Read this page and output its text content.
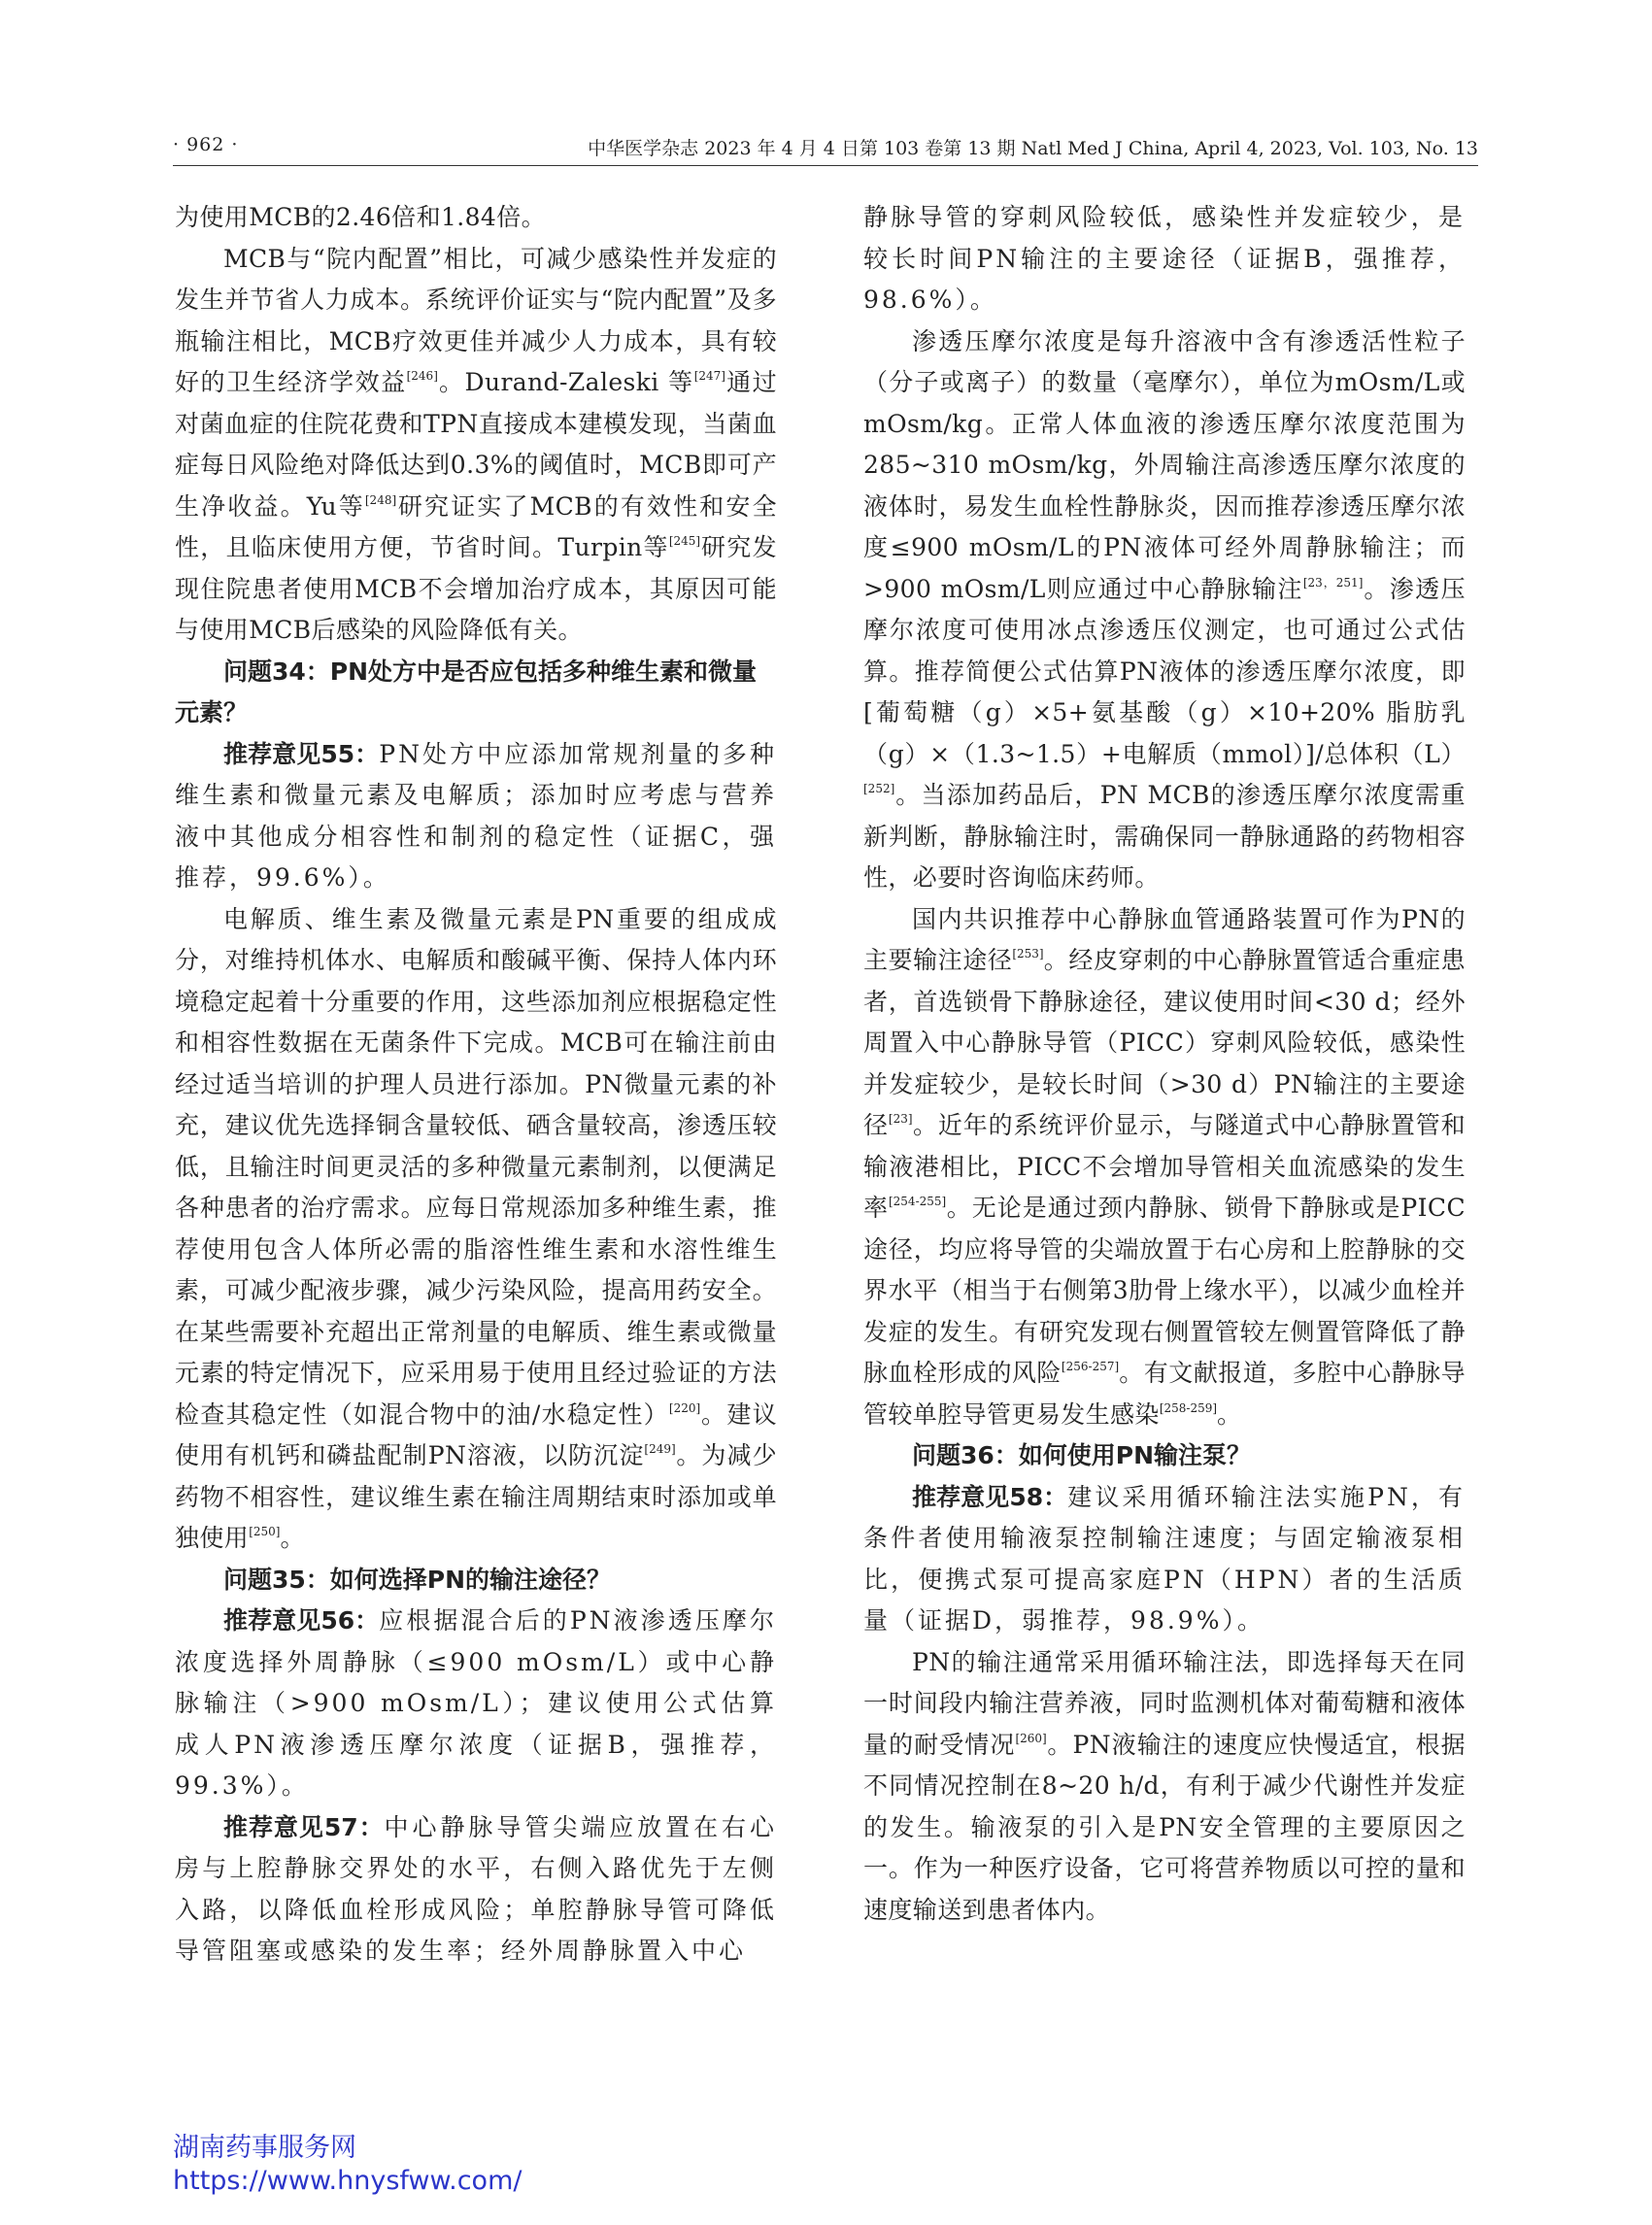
· 962 ·	中华医学杂志 2023 年 4 月 4 日第 103 卷第 13 期 Natl Med J China, April 4, 2023, Vol. 103, No. 13

为使用MCB的2.46倍和1.84倍。

MCB与“院内配置”相比，可减少感染性并发症的发生并节省人力成本。系统评价证实与“院内配置”及多瓶输注相比，MCB疗效更佳并减少人力成本，具有较好的卫生经济学效益[246]。Durand-Zaleski 等[247]通过对菌血症的住院花费和TPN直接成本建模发现，当菌血症每日风险绝对降低达到0.3%的阈值时，MCB即可产生净收益。Yu等[248]研究证实了MCB的有效性和安全性，且临床使用方便，节省时间。Turpin等[245]研究发现住院患者使用MCB不会增加治疗成本，其原因可能与使用MCB后感染的风险降低有关。

问题34：PN处方中是否应包括多种维生素和微量元素？

推荐意见55：PN处方中应添加常规剂量的多种维生素和微量元素及电解质；添加时应考虑与营养液中其他成分相容性和制剂的稳定性（证据C，强推荐，99.6%）。

电解质、维生素及微量元素是PN重要的组成成分，对维持机体水、电解质和酸碱平衡、保持人体内环境稳定起着十分重要的作用，这些添加剂应根据稳定性和相容性数据在无菌条件下完成。MCB可在输注前由经过适当培训的护理人员进行添加。PN微量元素的补充，建议优先选择铜含量较低、硒含量较高，渗透压较低，且输注时间更灵活的多种微量元素制剂，以便满足各种患者的治疗需求。应每日常规添加多种维生素，推荐使用包含人体所必需的脂溶性维生素和水溶性维生素，可减少配液步骤，减少污染风险，提高用药安全。在某些需要补充超出正常剂量的电解质、维生素或微量元素的特定情况下，应采用易于使用且经过验证的方法检查其稳定性（如混合物中的油/水稳定性）[220]。建议使用有机钙和磷盐配制PN溶液，以防沉淀[249]。为减少药物不相容性，建议维生素在输注周期结束时添加或单独使用[250]。

问题35：如何选择PN的输注途径？

推荐意见56：应根据混合后的PN液渗透压摩尔浓度选择外周静脉（≤900 mOsm/L）或中心静脉输注（>900 mOsm/L）；建议使用公式估算成人PN液渗透压摩尔浓度（证据B，强推荐，99.3%）。

推荐意见57：中心静脉导管尖端应放置在右心房与上腔静脉交界处的水平，右侧入路优先于左侧入路，以降低血栓形成风险；单腔静脉导管可降低导管阻塞或感染的发生率；经外周静脉置入中心

静脉导管的穿刺风险较低，感染性并发症较少，是较长时间PN输注的主要途径（证据B，强推荐，98.6%）。

渗透压摩尔浓度是每升溶液中含有渗透活性粒子（分子或离子）的数量（毫摩尔），单位为mOsm/L或mOsm/kg。正常人体血液的渗透压摩尔浓度范围为285~310 mOsm/kg，外周输注高渗透压摩尔浓度的液体时，易发生血栓性静脉炎，因而推荐渗透压摩尔浓度≤900 mOsm/L的PN液体可经外周静脉输注；而>900 mOsm/L则应通过中心静脉输注[23，251]。渗透压摩尔浓度可使用冰点渗透压仪测定，也可通过公式估算。推荐简便公式估算PN液体的渗透压摩尔浓度，即[葡萄糖（g）×5+氨基酸（g）×10+20% 脂肪乳（g）×（1.3~1.5）+电解质（mmol）]/总体积（L）[252]。当添加药品后，PN MCB的渗透压摩尔浓度需重新判断，静脉输注时，需确保同一静脉通路的药物相容性，必要时咨询临床药师。

国内共识推荐中心静脉血管通路装置可作为PN的主要输注途径[253]。经皮穿刺的中心静脉置管适合重症患者，首选锁骨下静脉途径，建议使用时间<30 d；经外周置入中心静脉导管（PICC）穿刺风险较低，感染性并发症较少，是较长时间（>30 d）PN输注的主要途径[23]。近年的系统评价显示，与隧道式中心静脉置管和输液港相比，PICC不会增加导管相关血流感染的发生率[254-255]。无论是通过颈内静脉、锁骨下静脉或是PICC途径，均应将导管的尖端放置于右心房和上腔静脉的交界水平（相当于右侧第3肋骨上缘水平），以减少血栓并发症的发生。有研究发现右侧置管较左侧置管降低了静脉血栓形成的风险[256-257]。有文献报道，多腔中心静脉导管较单腔导管更易发生感染[258-259]。

问题36：如何使用PN输注泵？

推荐意见58：建议采用循环输注法实施PN，有条件者使用输液泵控制输注速度；与固定输液泵相比，便携式泵可提高家庭PN（HPN）者的生活质量（证据D，弱推荐，98.9%）。

PN的输注通常采用循环输注法，即选择每天在同一时间段内输注营养液，同时监测机体对葡萄糖和液体量的耐受情况[260]。PN液输注的速度应快慢适宜，根据不同情况控制在8~20 h/d，有利于减少代谢性并发症的发生。输液泵的引入是PN安全管理的主要原因之一。作为一种医疗设备，它可将营养物质以可控的量和速度输送到患者体内。

湖南药事服务网
https://www.hnysfww.com/
